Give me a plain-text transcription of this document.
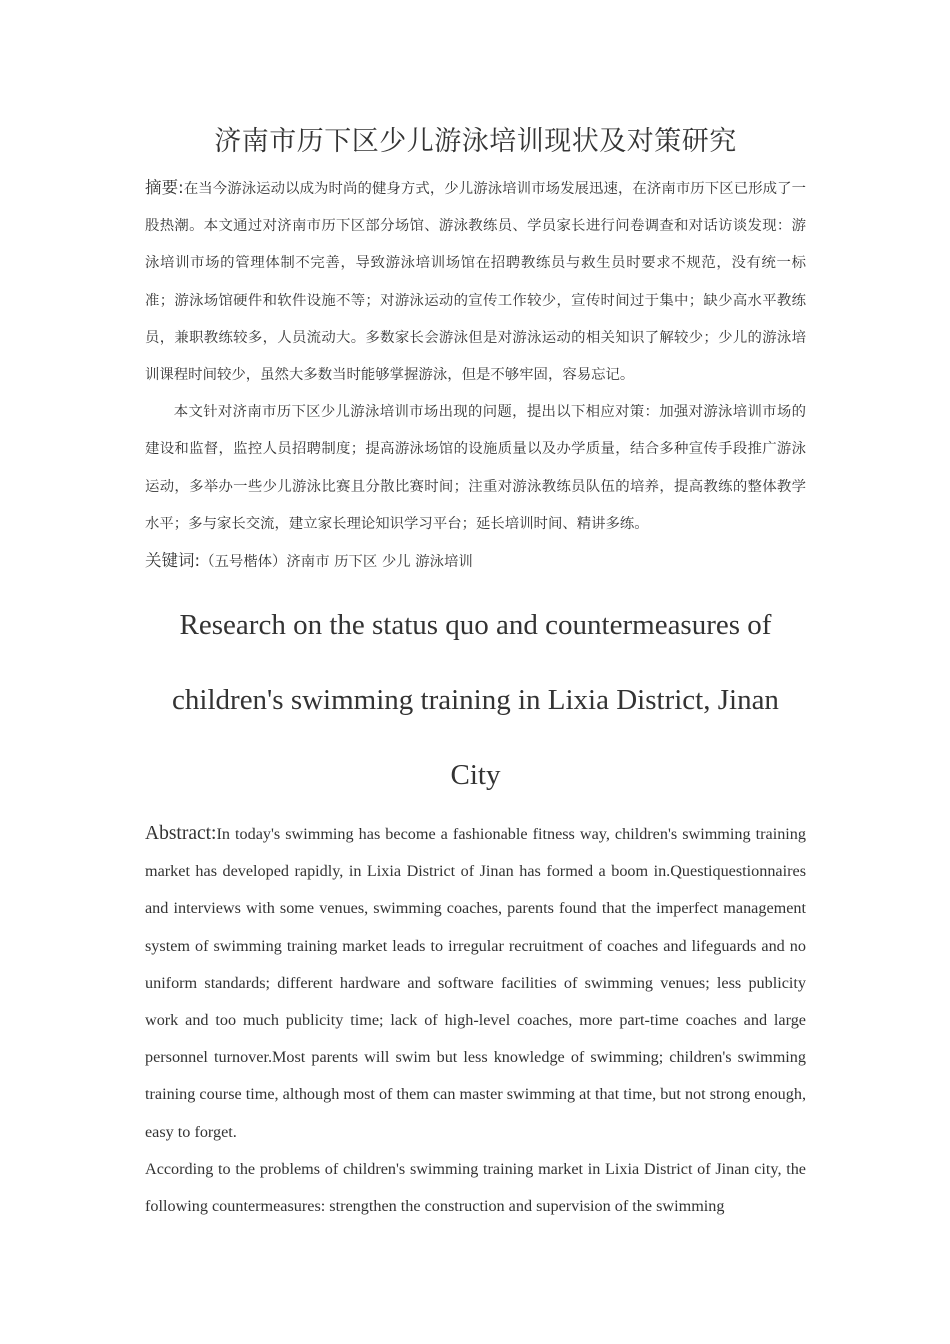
济南市历下区少儿游泳培训现状及对策研究

摘要:在当今游泳运动以成为时尚的健身方式，少儿游泳培训市场发展迅速，在济南市历下区已形成了一股热潮。本文通过对济南市历下区部分场馆、游泳教练员、学员家长进行问卷调查和对话访谈发现：游泳培训市场的管理体制不完善，导致游泳培训场馆在招聘教练员与救生员时要求不规范，没有统一标准；游泳场馆硬件和软件设施不等；对游泳运动的宣传工作较少，宣传时间过于集中；缺少高水平教练员，兼职教练较多，人员流动大。多数家长会游泳但是对游泳运动的相关知识了解较少；少儿的游泳培训课程时间较少，虽然大多数当时能够掌握游泳，但是不够牢固，容易忘记。

本文针对济南市历下区少儿游泳培训市场出现的问题，提出以下相应对策：加强对游泳培训市场的建设和监督，监控人员招聘制度；提高游泳场馆的设施质量以及办学质量，结合多种宣传手段推广游泳运动，多举办一些少儿游泳比赛且分散比赛时间；注重对游泳教练员队伍的培养，提高教练的整体教学水平；多与家长交流，建立家长理论知识学习平台；延长培训时间、精讲多练。

关键词:（五号楷体）济南市 历下区 少儿 游泳培训

Research on the status quo and countermeasures of
children's swimming training in Lixia District, Jinan City

Abstract:In today's swimming has become a fashionable fitness way, children's swimming training market has developed rapidly, in Lixia District of Jinan has formed a boom in.Questiquestionnaires and interviews with some venues, swimming coaches, parents found that the imperfect management system of swimming training market leads to irregular recruitment of coaches and lifeguards and no uniform standards; different hardware and software facilities of swimming venues; less publicity work and too much publicity time; lack of high-level coaches, more part-time coaches and large personnel turnover.Most parents will swim but less knowledge of swimming; children's swimming training course time, although most of them can master swimming at that time, but not strong enough, easy to forget.

According to the problems of children's swimming training market in Lixia District of Jinan city, the following countermeasures: strengthen the construction and supervision of the swimming
